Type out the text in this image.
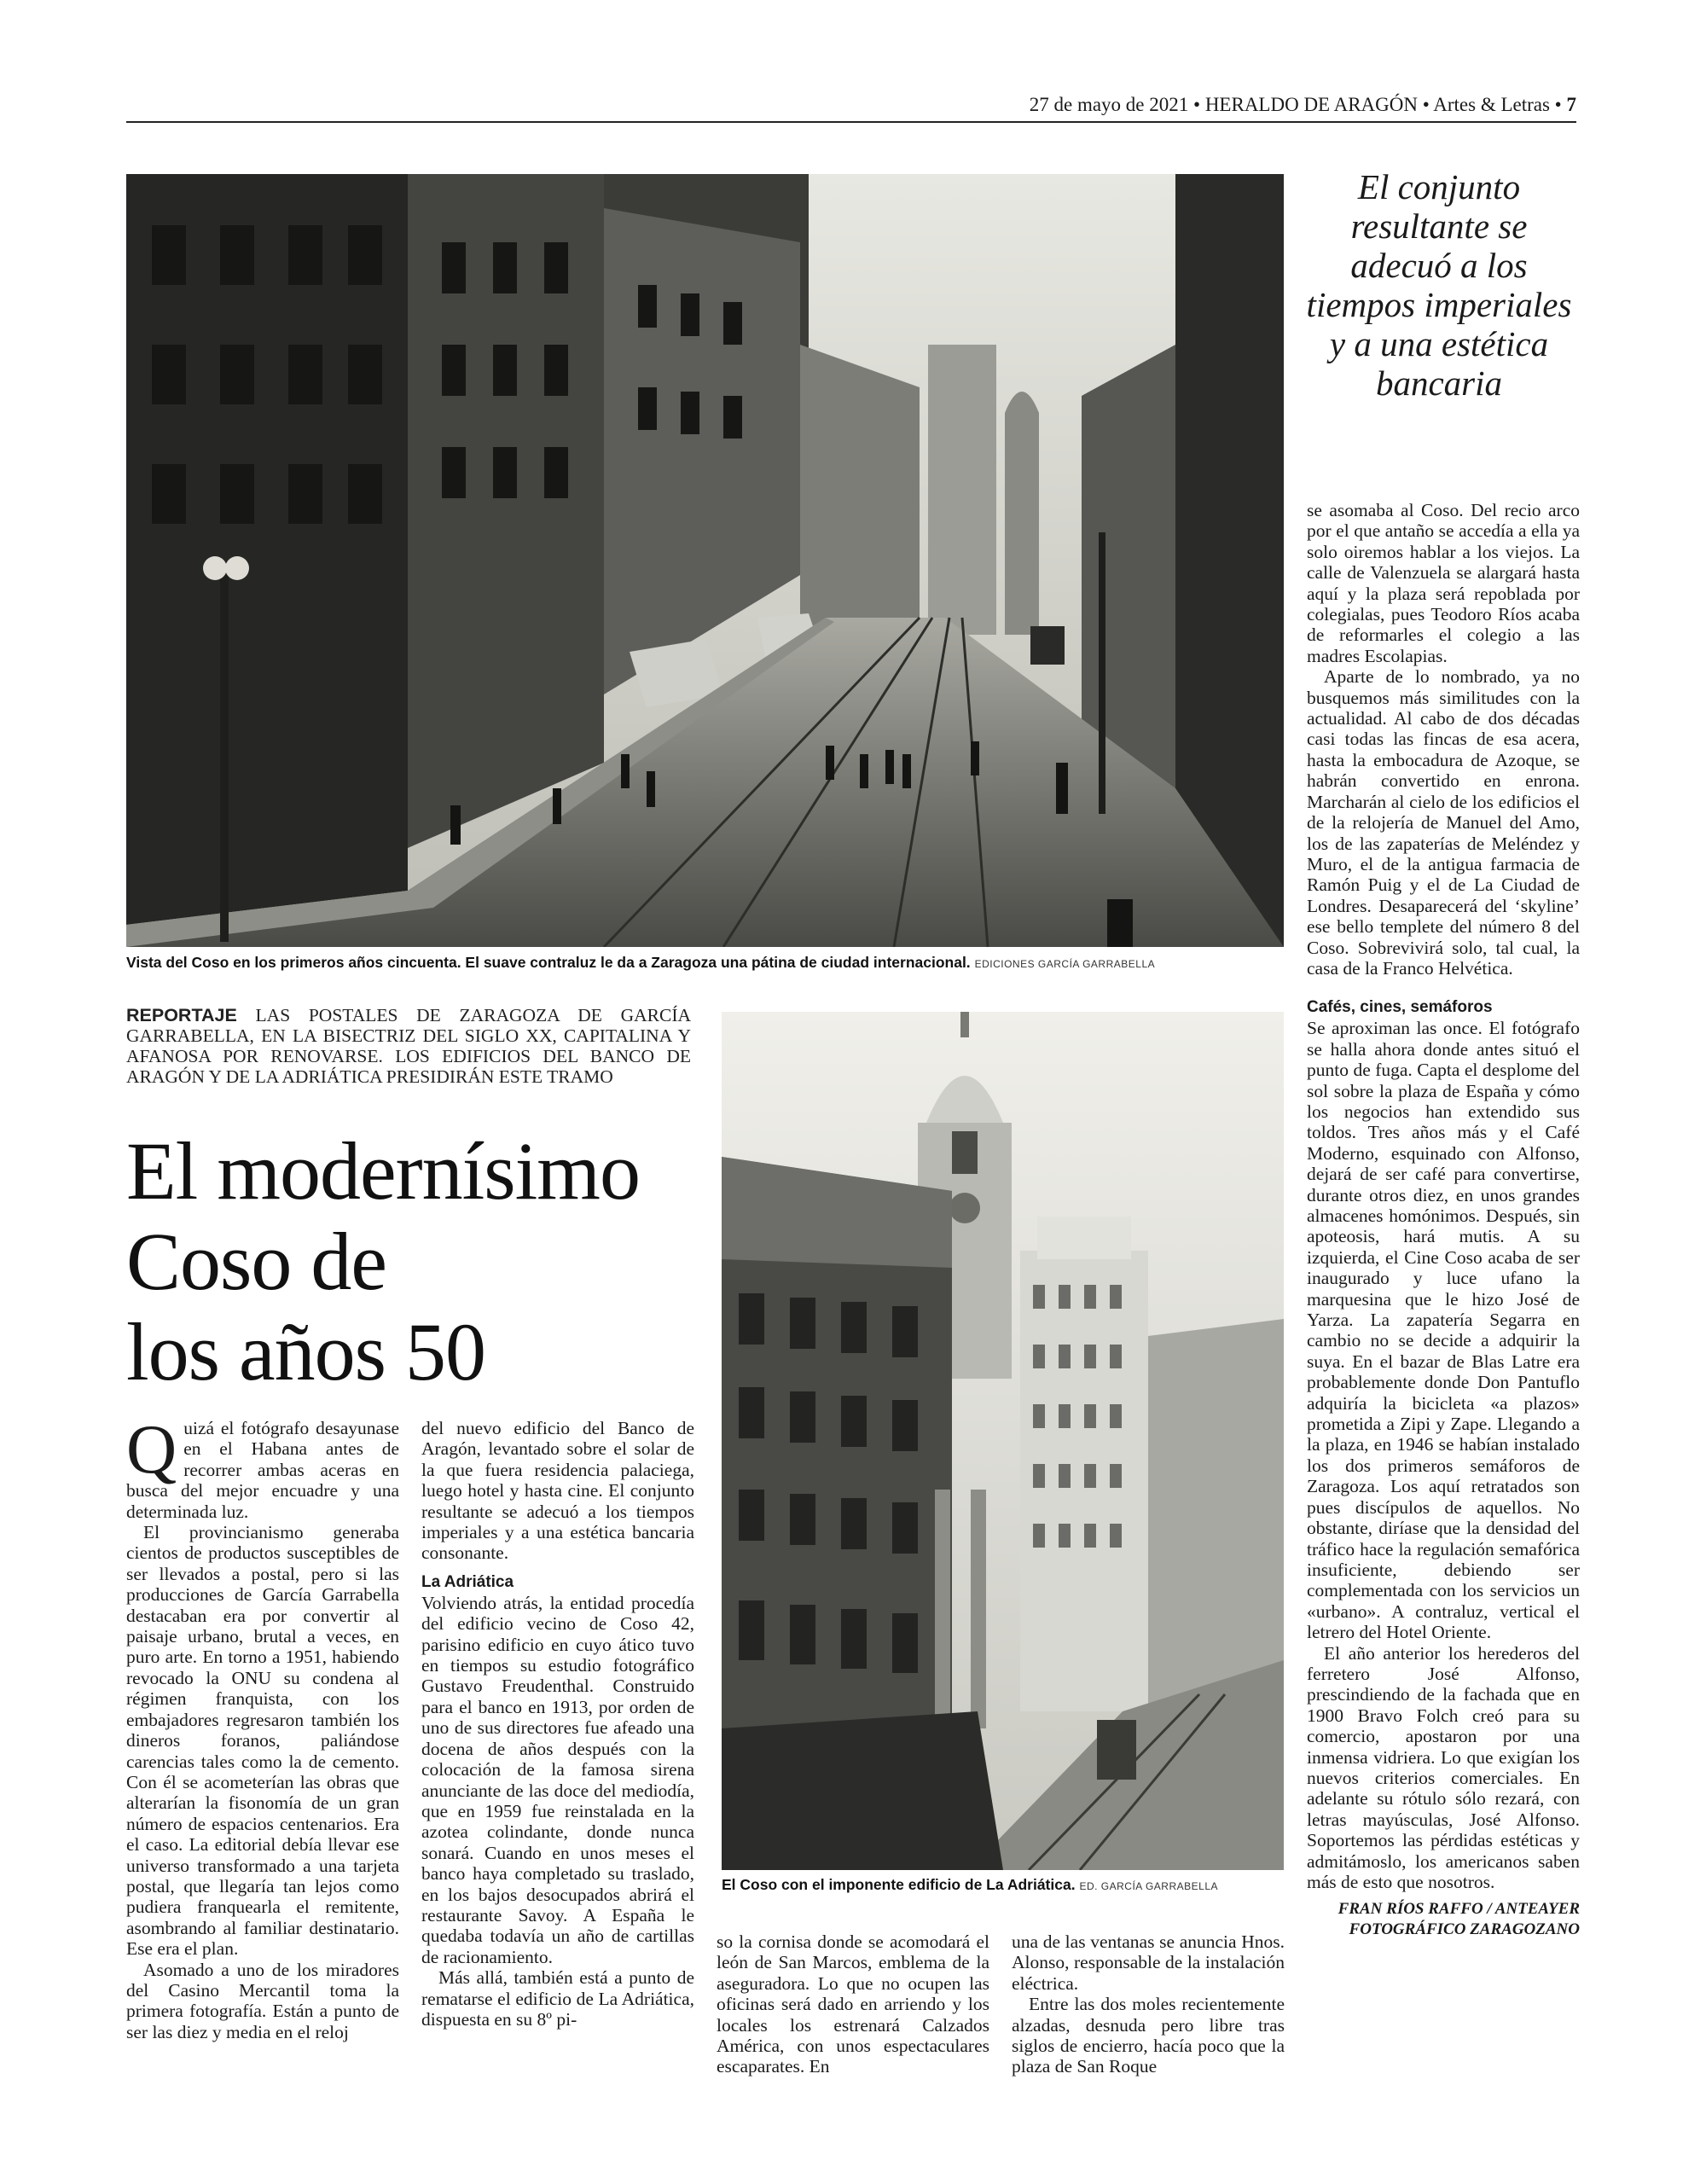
27 de mayo de 2021 • HERALDO DE ARAGÓN • Artes & Letras • 7
Vista del Coso en los primeros años cincuenta. El suave contraluz le da a Zaragoza una pátina de ciudad internacional. EDICIONES GARCÍA GARRABELLA
El conjunto resultante se adecuó a los tiempos imperiales y a una estética bancaria
REPORTAJE LAS POSTALES DE ZARAGOZA DE GARCÍA GARRABELLA, EN LA BISECTRIZ DEL SIGLO XX, CAPITALINA Y AFANOSA POR RENOVARSE. LOS EDIFICIOS DEL BANCO DE ARAGÓN Y DE LA ADRIÁTICA PRESIDIRÁN ESTE TRAMO
El modernísimo
Coso de
los años 50
El Coso con el imponente edificio de La Adriática. ED. GARCÍA GARRABELLA

Quizá el fotógrafo desayunase en el Habana antes de recorrer ambas aceras en busca del mejor encuadre y una determinada luz.

El provincianismo generaba cientos de productos susceptibles de ser llevados a postal, pero si las producciones de García Garrabella destacaban era por convertir al paisaje urbano, brutal a veces, en puro arte. En torno a 1951, habiendo revocado la ONU su condena al régimen franquista, con los embajadores regresaron también los dineros foranos, paliándose carencias tales como la de cemento. Con él se acometerían las obras que alterarían la fisonomía de un gran número de espacios centenarios. Era el caso. La editorial debía llevar ese universo transformado a una tarjeta postal, que llegaría tan lejos como pudiera franquearla el remitente, asombrando al familiar destinatario. Ese era el plan.

Asomado a uno de los miradores del Casino Mercantil toma la primera fotografía. Están a punto de ser las diez y media en el reloj

del nuevo edificio del Banco de Aragón, levantado sobre el solar de la que fuera residencia palaciega, luego hotel y hasta cine. El conjunto resultante se adecuó a los tiempos imperiales y a una estética bancaria consonante.

La Adriática

Volviendo atrás, la entidad procedía del edificio vecino de Coso 42, parisino edificio en cuyo ático tuvo en tiempos su estudio fotográfico Gustavo Freudenthal. Construido para el banco en 1913, por orden de uno de sus directores fue afeado una docena de años después con la colocación de la famosa sirena anunciante de las doce del mediodía, que en 1959 fue reinstalada en la azotea colindante, donde nunca sonará. Cuando en unos meses el banco haya completado su traslado, en los bajos desocupados abrirá el restaurante Savoy. A España le quedaba todavía un año de cartillas de racionamiento.

Más allá, también está a punto de rematarse el edificio de La Adriática, dispuesta en su 8º pi-

so la cornisa donde se acomodará el león de San Marcos, emblema de la aseguradora. Lo que no ocupen las oficinas será dado en arriendo y los locales los estrenará Calzados América, con unos espectaculares escaparates. En

una de las ventanas se anuncia Hnos. Alonso, responsable de la instalación eléctrica.

Entre las dos moles recientemente alzadas, desnuda pero libre tras siglos de encierro, hacía poco que la plaza de San Roque

se asomaba al Coso. Del recio arco por el que antaño se accedía a ella ya solo oiremos hablar a los viejos. La calle de Valenzuela se alargará hasta aquí y la plaza será repoblada por colegialas, pues Teodoro Ríos acaba de reformarles el colegio a las madres Escolapias.

Aparte de lo nombrado, ya no busquemos más similitudes con la actualidad. Al cabo de dos décadas casi todas las fincas de esa acera, hasta la embocadura de Azoque, se habrán convertido en enrona. Marcharán al cielo de los edificios el de la relojería de Manuel del Amo, los de las zapaterías de Meléndez y Muro, el de la antigua farmacia de Ramón Puig y el de La Ciudad de Londres. Desaparecerá del ‘skyline’ ese bello templete del número 8 del Coso. Sobrevivirá solo, tal cual, la casa de la Franco Helvética.

Cafés, cines, semáforos

Se aproximan las once. El fotógrafo se halla ahora donde antes situó el punto de fuga. Capta el desplome del sol sobre la plaza de España y cómo los negocios han extendido sus toldos. Tres años más y el Café Moderno, esquinado con Alfonso, dejará de ser café para convertirse, durante otros diez, en unos grandes almacenes homónimos. Después, sin apoteosis, hará mutis. A su izquierda, el Cine Coso acaba de ser inaugurado y luce ufano la marquesina que le hizo José de Yarza. La zapatería Segarra en cambio no se decide a adquirir la suya. En el bazar de Blas Latre era probablemente donde Don Pantuflo adquiría la bicicleta «a plazos» prometida a Zipi y Zape. Llegando a la plaza, en 1946 se habían instalado los dos primeros semáforos de Zaragoza. Los aquí retratados son pues discípulos de aquellos. No obstante, diríase que la densidad del tráfico hace la regulación semafórica insuficiente, debiendo ser complementada con los servicios un «urbano». A contraluz, vertical el letrero del Hotel Oriente.

El año anterior los herederos del ferretero José Alfonso, prescindiendo de la fachada que en 1900 Bravo Folch creó para su comercio, apostaron por una inmensa vidriera. Lo que exigían los nuevos criterios comerciales. En adelante su rótulo sólo rezará, con letras mayúsculas, José Alfonso. Soportemos las pérdidas estéticas y admitámoslo, los americanos saben más de esto que nosotros.

FRAN RÍOS RAFFO / ANTEAYER
FOTOGRÁFICO ZARAGOZANO
